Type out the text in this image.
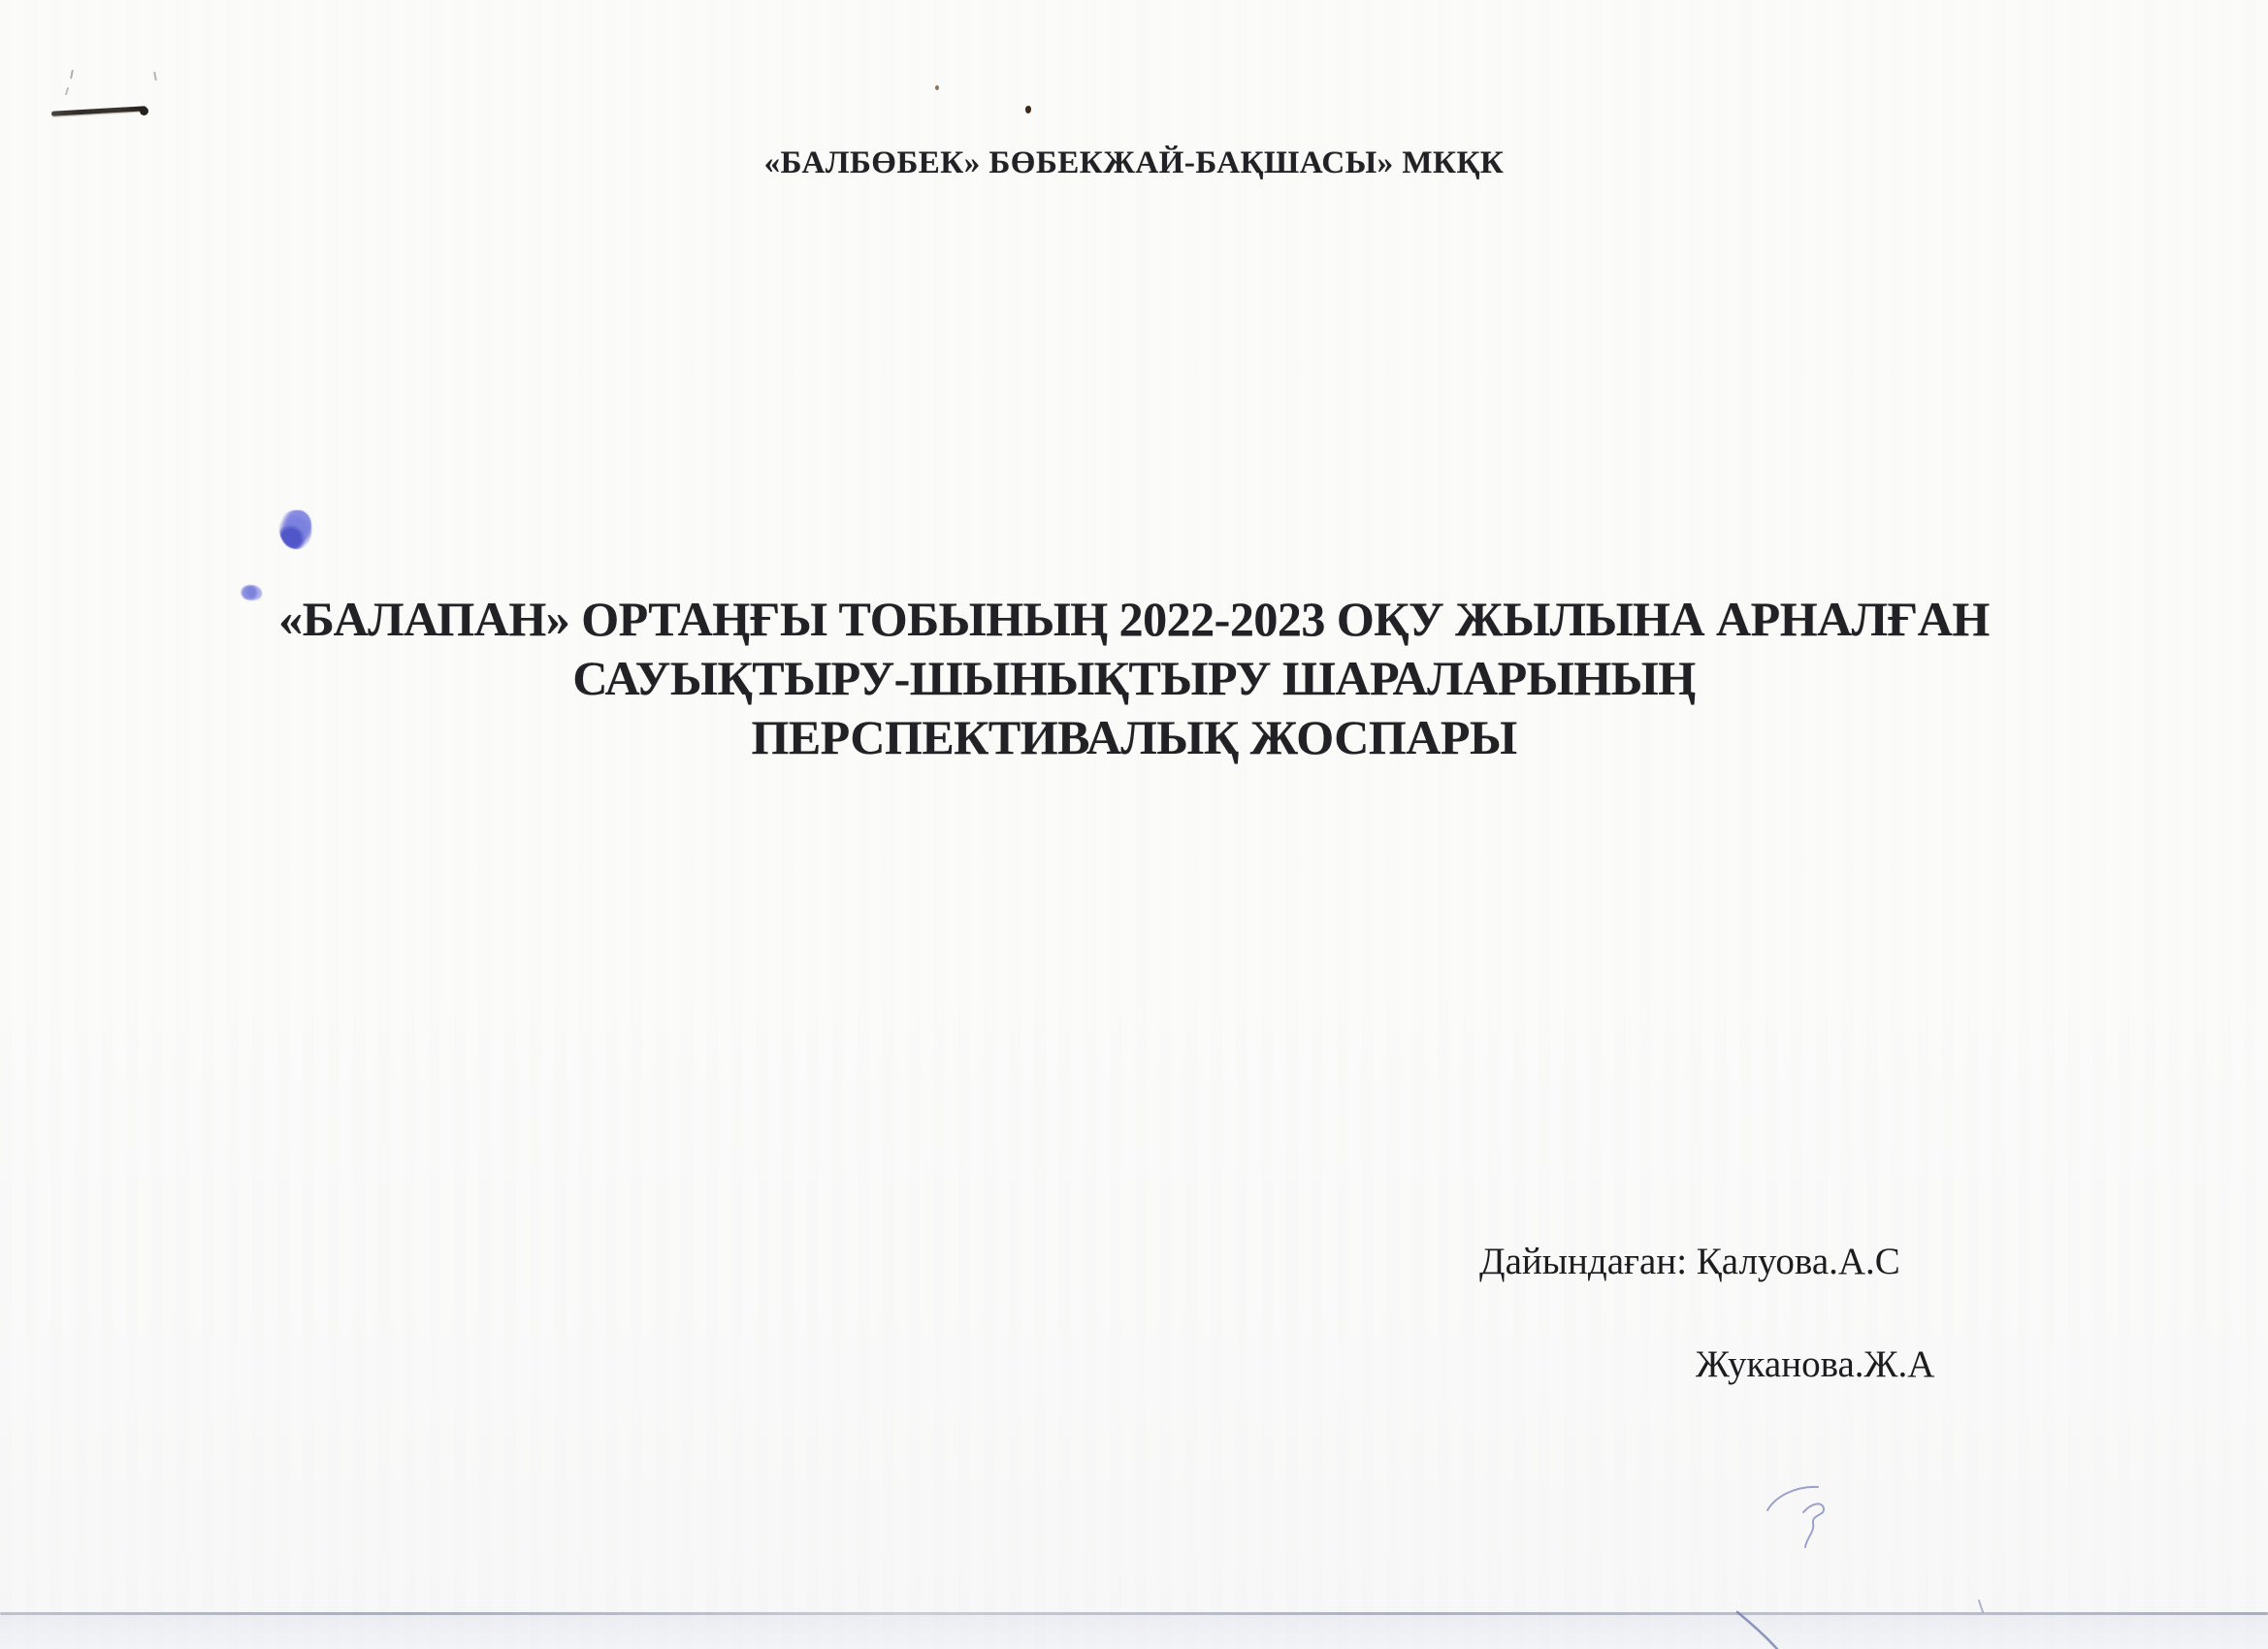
«БАЛБӨБЕК» БӨБЕКЖАЙ-БАҚШАСЫ» МКҚК
«БАЛАПАН» ОРТАҢҒЫ ТОБЫНЫҢ 2022-2023 ОҚУ ЖЫЛЫНА АРНАЛҒАН
САУЫҚТЫРУ-ШЫНЫҚТЫРУ ШАРАЛАРЫНЫҢ
ПЕРСПЕКТИВАЛЫҚ ЖОСПАРЫ
Дайындаған: Қалуова.А.С
Жуканова.Ж.А
